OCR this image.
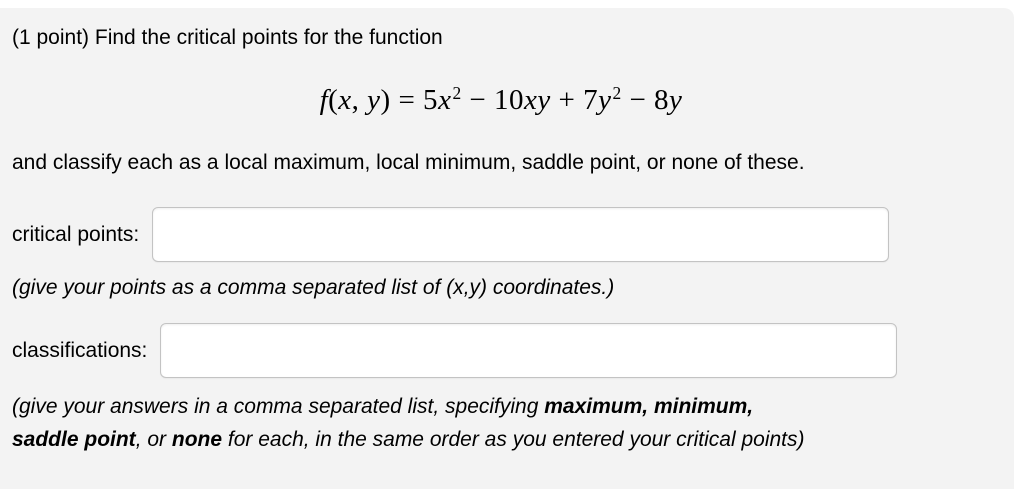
(1 point) Find the critical points for the function

f(x, $y) = 5x^2 - 10xy + 7y^2 - 8y$

and classify each as a local maximum, local minimum, saddle point, or none of these.

critical points:

(give your points as a comma separated list of (x,y) coordinates.)

classifications:

(give your answers in a comma separated list, specifying maximum, minimum,
saddle point, or none for each, in the same order as you entered your critical points)
